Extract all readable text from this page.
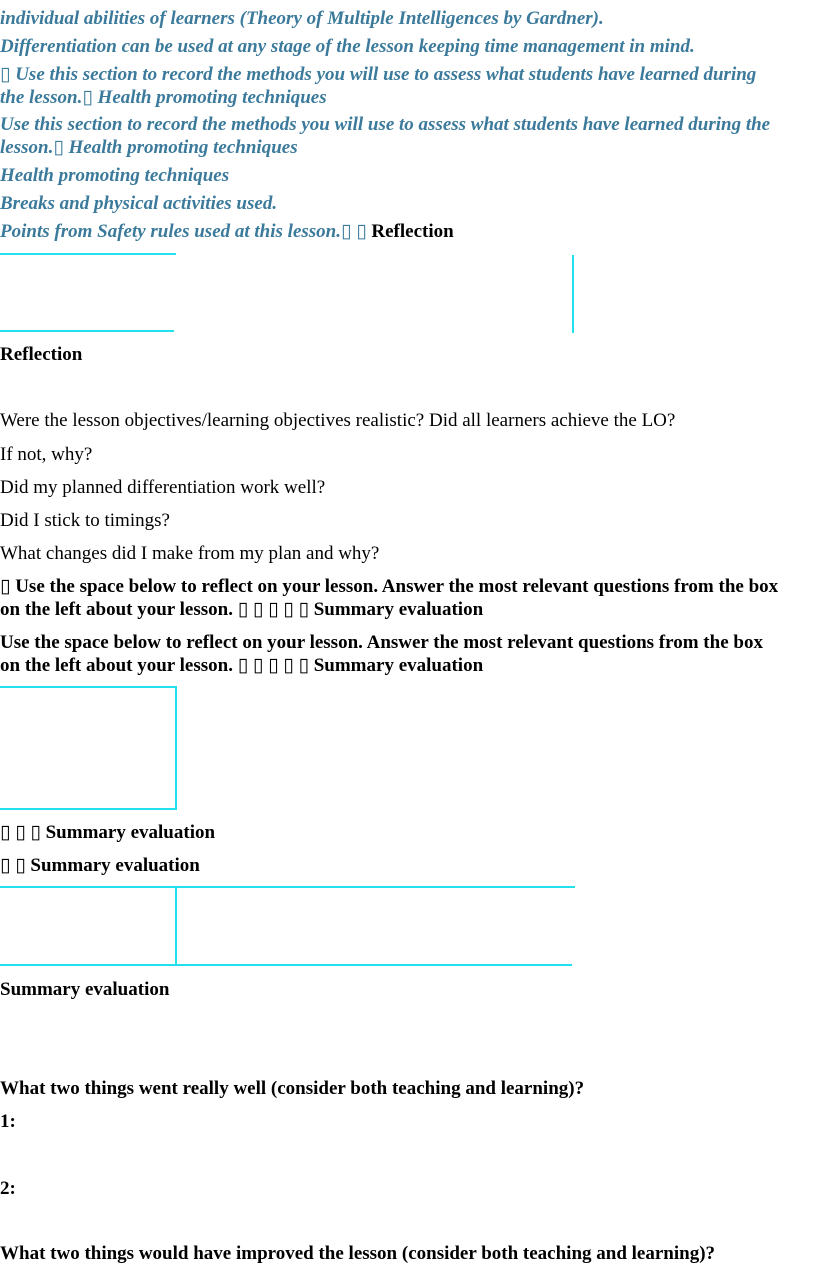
individual abilities of learners (Theory of Multiple Intelligences by Gardner).
Differentiation can be used at any stage of the lesson keeping time management in mind.
▯ Use this section to record the methods you will use to assess what students have learned during
the lesson.▯ Health promoting techniques
Use this section to record the methods you will use to assess what students have learned during the
lesson.▯ Health promoting techniques
Health promoting techniques
Breaks and physical activities used.
Points from Safety rules used at this lesson.▯ ▯ Reflection
Reflection
Were the lesson objectives/learning objectives realistic? Did all learners achieve the LO?
If not, why?
Did my planned differentiation work well?
Did I stick to timings?
What changes did I make from my plan and why?
▯ Use the space below to reflect on your lesson. Answer the most relevant questions from the box
on the left about your lesson. ▯ ▯ ▯ ▯ ▯ Summary evaluation
Use the space below to reflect on your lesson. Answer the most relevant questions from the box
on the left about your lesson. ▯ ▯ ▯ ▯ ▯ Summary evaluation
▯ ▯ ▯ Summary evaluation
▯ ▯ Summary evaluation
Summary evaluation
What two things went really well (consider both teaching and learning)?
1:
2:
What two things would have improved the lesson (consider both teaching and learning)?
